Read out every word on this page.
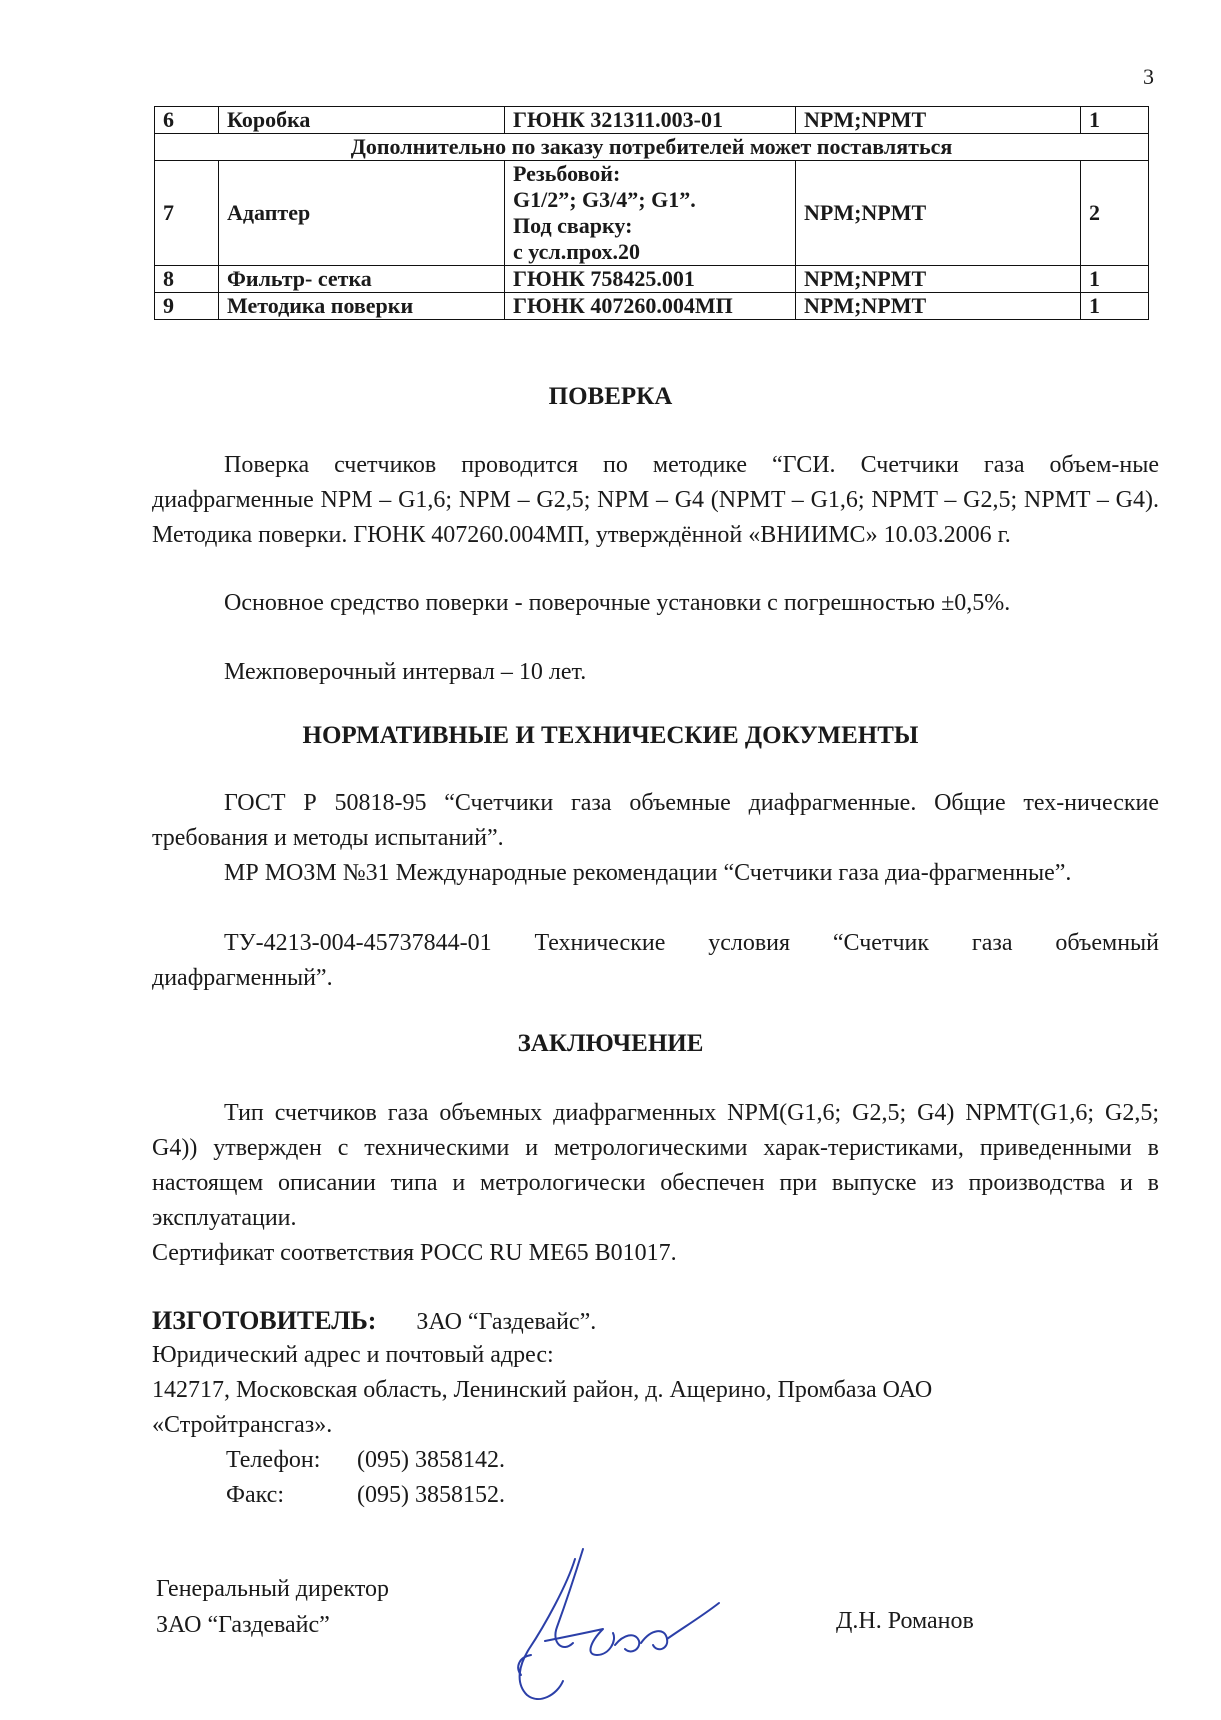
3
6	Коробка	ГЮНК 321311.003-01	NPM;NPMT	1
Дополнительно по заказу потребителей может поставляться				
7	Адаптер	Резьбовой:
G1/2”; G3/4”; G1”.
Под сварку:
с усл.прох.20	NPM;NPMT	2
8	Фильтр- сетка	ГЮНК 758425.001	NPM;NPMT	1
9	Методика поверки	ГЮНК 407260.004МП	NPM;NPMT	1
ПОВЕРКА

Поверка счетчиков проводится по методике “ГСИ. Счетчики газа объем-ные диафрагменные NPM – G1,6; NPM – G2,5; NPM – G4 (NPMT – G1,6; NPMT – G2,5; NPMT – G4). Методика поверки. ГЮНК 407260.004МП, утверждённой «ВНИИМС» 10.03.2006 г.

Основное средство поверки - поверочные установки с погрешностью ±0,5%.

Межповерочный интервал – 10 лет.

НОРМАТИВНЫЕ И ТЕХНИЧЕСКИЕ ДОКУМЕНТЫ

ГОСТ Р 50818-95 “Счетчики газа объемные диафрагменные. Общие тех-нические требования и методы испытаний”.

МР МОЗМ №31 Международные рекомендации “Счетчики газа диа-фрагменные”.

ТУ-4213-004-45737844-01 Технические условия “Счетчик газа объемный диафрагменный”.

ЗАКЛЮЧЕНИЕ

Тип счетчиков газа объемных диафрагменных NPM(G1,6; G2,5; G4) NPMT(G1,6; G2,5; G4)) утвержден с техническими и метрологическими харак-теристиками, приведенными в настоящем описании типа и метрологически обеспечен при выпуске из производства и в эксплуатации.

Сертификат соответствия РОСС RU МЕ65 В01017.

ИЗГОТОВИТЕЛЬ: ЗАО “Газдевайс”.

Юридический адрес и почтовый адрес:

142717, Московская область, Ленинский район, д. Ащерино, Промбаза ОАО

«Стройтрансгаз».

Телефон: (095) 3858142.

Факс:	(095) 3858152.

Генеральный директор

ЗАО “Газдевайс”	Д.Н. Романов
